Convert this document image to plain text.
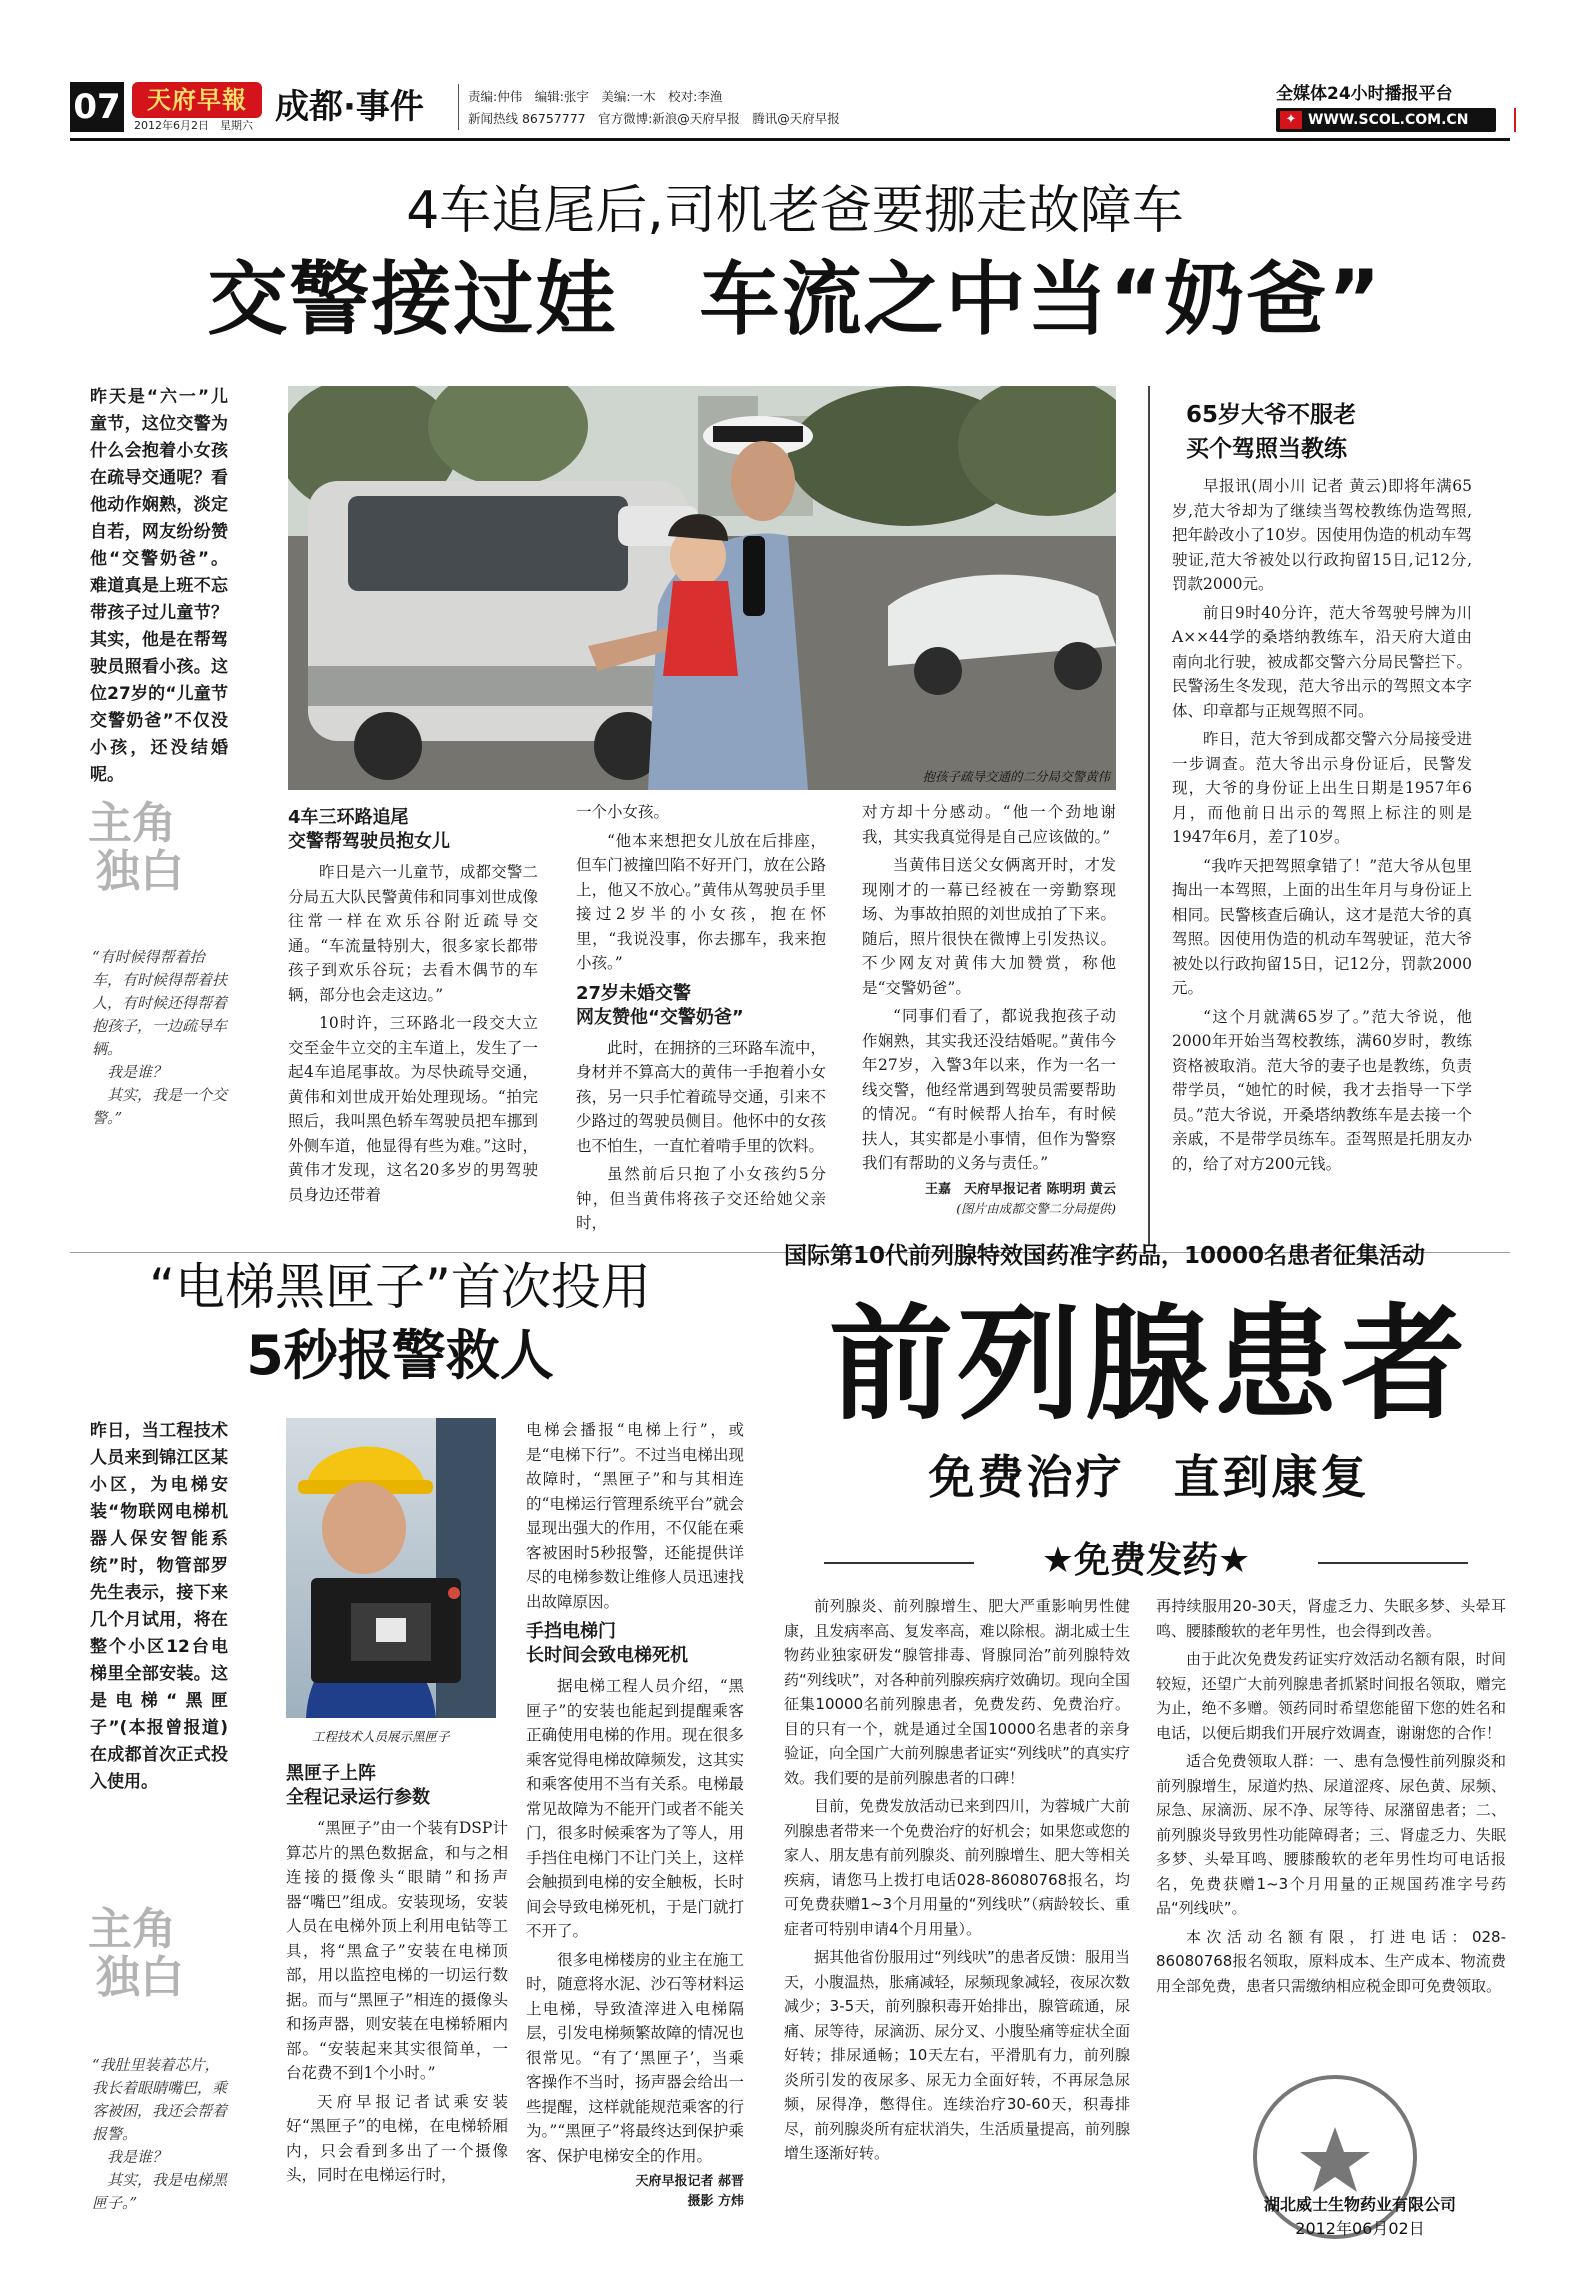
07	天府早報
2012年6月2日　星期六 成都·事件	责编:仲伟　编辑:张宇　美编:一木　校对:李渔
新闻热线 86757777　官方微博:新浪@天府早报　腾讯@天府早报
全媒体24小时播报平台
✦ WWW.SCOL.COM.CN
4车追尾后,司机老爸要挪走故障车
交警接过娃　车流之中当“奶爸”
昨天是“六一”儿童节，这位交警为什么会抱着小女孩在疏导交通呢？看他动作娴熟，淡定自若，网友纷纷赞他“交警奶爸”。难道真是上班不忘带孩子过儿童节？其实，他是在帮驾驶员照看小孩。这位27岁的“儿童节交警奶爸”不仅没小孩，还没结婚呢。	抱孩子疏导交通的二分局交警黄伟
4车三环路追尾
交警帮驾驶员抱女儿

昨日是六一儿童节，成都交警二分局五大队民警黄伟和同事刘世成像往常一样在欢乐谷附近疏导交通。“车流量特别大，很多家长都带孩子到欢乐谷玩；去看木偶节的车辆，部分也会走这边。”

10时许，三环路北一段交大立交至金牛立交的主车道上，发生了一起4车追尾事故。为尽快疏导交通，黄伟和刘世成开始处理现场。“拍完照后，我叫黑色轿车驾驶员把车挪到外侧车道，他显得有些为难。”这时，黄伟才发现，这名20多岁的男驾驶员身边还带着

一个小女孩。

“他本来想把女儿放在后排座，但车门被撞凹陷不好开门，放在公路上，他又不放心。”黄伟从驾驶员手里接过2岁半的小女孩，抱在怀里，“我说没事，你去挪车，我来抱小孩。”

27岁未婚交警
网友赞他“交警奶爸”

此时，在拥挤的三环路车流中，身材并不算高大的黄伟一手抱着小女孩，另一只手忙着疏导交通，引来不少路过的驾驶员侧目。他怀中的女孩也不怕生，一直忙着啃手里的饮料。

虽然前后只抱了小女孩约5分钟，但当黄伟将孩子交还给她父亲时，

对方却十分感动。“他一个劲地谢我，其实我真觉得是自己应该做的。”

当黄伟目送父女俩离开时，才发现刚才的一幕已经被在一旁勤察现场、为事故拍照的刘世成拍了下来。随后，照片很快在微博上引发热议。不少网友对黄伟大加赞赏，称他是“交警奶爸”。

“同事们看了，都说我抱孩子动作娴熟，其实我还没结婚呢。”黄伟今年27岁，入警3年以来，作为一名一线交警，他经常遇到驾驶员需要帮助的情况。“有时候帮人抬车，有时候扶人，其实都是小事情，但作为警察我们有帮助的义务与责任。”

王嘉　天府早报记者 陈明玥 黄云
(图片由成都交警二分局提供)
主角
独白
“有时候得帮着抬车，有时候得帮着扶人，有时候还得帮着抱孩子，一边疏导车辆。
　我是谁？
　其实，我是一个交警。”
65岁大爷不服老
买个驾照当教练

早报讯(周小川 记者 黄云)即将年满65岁,范大爷却为了继续当驾校教练伪造驾照,把年龄改小了10岁。因使用伪造的机动车驾驶证,范大爷被处以行政拘留15日,记12分,罚款2000元。

前日9时40分许，范大爷驾驶号牌为川A××44学的桑塔纳教练车，沿天府大道由南向北行驶，被成都交警六分局民警拦下。民警汤生冬发现，范大爷出示的驾照文本字体、印章都与正规驾照不同。

昨日，范大爷到成都交警六分局接受进一步调查。范大爷出示身份证后，民警发现，大爷的身份证上出生日期是1957年6月，而他前日出示的驾照上标注的则是1947年6月，差了10岁。

“我咋天把驾照拿错了！”范大爷从包里掏出一本驾照，上面的出生年月与身份证上相同。民警核查后确认，这才是范大爷的真驾照。因使用伪造的机动车驾驶证，范大爷被处以行政拘留15日，记12分，罚款2000元。

“这个月就满65岁了。”范大爷说，他2000年开始当驾校教练，满60岁时，教练资格被取消。范大爷的妻子也是教练，负责带学员，“她忙的时候，我才去指导一下学员。”范大爷说，开桑塔纳教练车是去接一个亲戚，不是带学员练车。歪驾照是托朋友办的，给了对方200元钱。

“电梯黑匣子”首次投用
5秒报警救人
昨日，当工程技术人员来到锦江区某小区，为电梯安装“物联网电梯机器人保安智能系统”时，物管部罗先生表示，接下来几个月试用，将在整个小区12台电梯里全部安装。这是电梯“黑匣子”(本报曾报道)在成都首次正式投入使用。
工程技术人员展示黑匣子
黑匣子上阵
全程记录运行参数

“黑匣子”由一个装有DSP计算芯片的黑色数据盒，和与之相连接的摄像头“眼睛”和扬声器“嘴巴”组成。安装现场，安装人员在电梯外顶上利用电钻等工具，将“黑盒子”安装在电梯顶部，用以监控电梯的一切运行数据。而与“黑匣子”相连的摄像头和扬声器，则安装在电梯轿厢内部。“安装起来其实很简单，一台花费不到1个小时。”

天府早报记者试乘安装好“黑匣子”的电梯，在电梯轿厢内，只会看到多出了一个摄像头，同时在电梯运行时，

电梯会播报“电梯上行”，或是“电梯下行”。不过当电梯出现故障时，“黑匣子”和与其相连的“电梯运行管理系统平台”就会显现出强大的作用，不仅能在乘客被困时5秒报警，还能提供详尽的电梯参数让维修人员迅速找出故障原因。

手挡电梯门
长时间会致电梯死机

据电梯工程人员介绍，“黑匣子”的安装也能起到提醒乘客正确使用电梯的作用。现在很多乘客觉得电梯故障频发，这其实和乘客使用不当有关系。电梯最常见故障为不能开门或者不能关门，很多时候乘客为了等人，用手挡住电梯门不让门关上，这样会触损到电梯的安全触板，长时间会导致电梯死机，于是门就打不开了。

很多电梯楼房的业主在施工时，随意将水泥、沙石等材料运上电梯，导致渣滓进入电梯隔层，引发电梯频繁故障的情况也很常见。“有了‘黑匣子’，当乘客操作不当时，扬声器会给出一些提醒，这样就能规范乘客的行为。”“黑匣子”将最终达到保护乘客、保护电梯安全的作用。

天府早报记者 郝晋
摄影 方炜
主角
独白
“我肚里装着芯片，我长着眼睛嘴巴，乘客被困，我还会帮着报警。
　我是谁？
　其实，我是电梯黑匣子。”
国际第10代前列腺特效国药准字药品，10000名患者征集活动
前列腺患者
免费治疗　直到康复
★免费发药★

前列腺炎、前列腺增生、肥大严重影响男性健康，且发病率高、复发率高，难以除根。湖北威士生物药业独家研发“腺管排毒、肾腺同治”前列腺特效药“列线吠”，对各种前列腺疾病疗效确切。现向全国征集10000名前列腺患者，免费发药、免费治疗。目的只有一个，就是通过全国10000名患者的亲身验证，向全国广大前列腺患者证实“列线吠”的真实疗效。我们要的是前列腺患者的口碑！

目前，免费发放活动已来到四川，为蓉城广大前列腺患者带来一个免费治疗的好机会；如果您或您的家人、朋友患有前列腺炎、前列腺增生、肥大等相关疾病，请您马上拨打电话028-86080768报名，均可免费获赠1~3个月用量的“列线吠”（病龄较长、重症者可特别申请4个月用量）。

据其他省份服用过“列线吠”的患者反馈：服用当天，小腹温热，胀痛减轻，尿频现象减轻，夜尿次数减少；3-5天，前列腺积毒开始排出，腺管疏通，尿痛、尿等待，尿滴沥、尿分叉、小腹坠痛等症状全面好转；排尿通畅；10天左右，平滑肌有力，前列腺炎所引发的夜尿多、尿无力全面好转，不再尿急尿频，尿得净，憋得住。连续治疗30-60天，积毒排尽，前列腺炎所有症状消失，生活质量提高，前列腺增生逐渐好转。

再持续服用20-30天，肾虚乏力、失眠多梦、头晕耳鸣、腰膝酸软的老年男性，也会得到改善。

由于此次免费发药证实疗效活动名额有限，时间较短，还望广大前列腺患者抓紧时间报名领取，赠完为止，绝不多赠。领药同时希望您能留下您的姓名和电话，以便后期我们开展疗效调查，谢谢您的合作！

适合免费领取人群：一、患有急慢性前列腺炎和前列腺增生，尿道灼热、尿道涩疼、尿色黄、尿频、尿急、尿滴沥、尿不净、尿等待、尿潴留患者；二、前列腺炎导致男性功能障碍者；三、肾虚乏力、失眠多梦、头晕耳鸣、腰膝酸软的老年男性均可电话报名，免费获赠1~3个月用量的正规国药准字号药品“列线吠”。

本次活动名额有限，打进电话：028-86080768报名领取，原料成本、生产成本、物流费用全部免费，患者只需缴纳相应税金即可免费领取。

湖北威士生物药业有限公司
2012年06月02日
